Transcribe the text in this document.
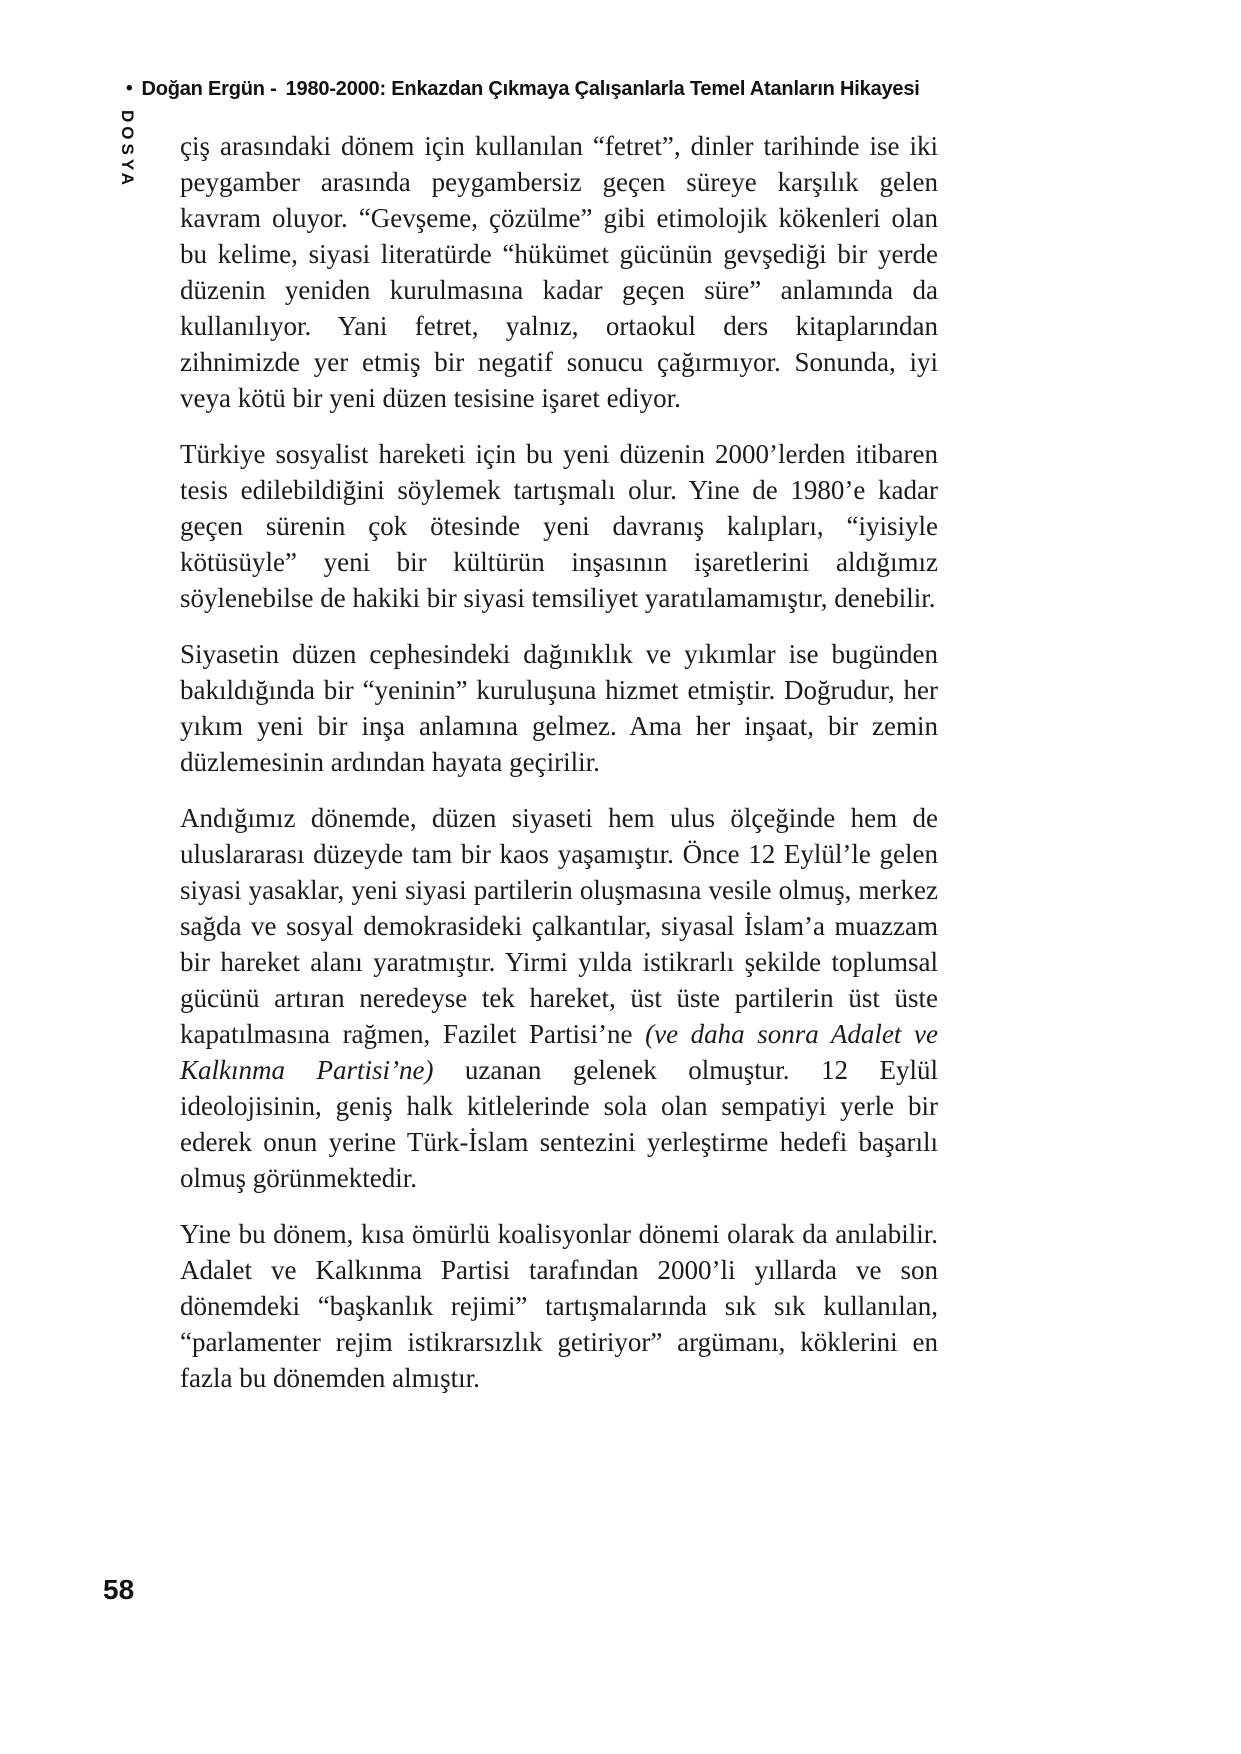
• Doğan Ergün - 1980-2000: Enkazdan Çıkmaya Çalışanlarla Temel Atanların Hikayesi
DOSYA çiş arasındaki dönem için kullanılan “fetret”, dinler tarihinde ise iki peygamber arasında peygambersiz geçen süreye karşılık gelen kavram oluyor. “Gevşeme, çözülme” gibi etimolojik kökenleri olan bu kelime, siyasi literatürde “hükümet gücünün gevşediği bir yerde düzenin yeniden kurulmasına kadar geçen süre” anlamında da kullanılıyor. Yani fetret, yalnız, ortaokul ders kitaplarından zihnimizde yer etmiş bir negatif sonucu çağırmıyor. Sonunda, iyi veya kötü bir yeni düzen tesisine işaret ediyor.

Türkiye sosyalist hareketi için bu yeni düzenin 2000’lerden itibaren tesis edilebildiğini söylemek tartışmalı olur. Yine de 1980’e kadar geçen sürenin çok ötesinde yeni davranış kalıpları, “iyisiyle kötüsüyle” yeni bir kültürün inşasının işaretlerini aldığımız söylenebilse de hakiki bir siyasi temsiliyet yaratılamamıştır, denebilir.

Siyasetin düzen cephesindeki dağınıklık ve yıkımlar ise bugünden bakıldığında bir “yeninin” kuruluşuna hizmet etmiştir. Doğrudur, her yıkım yeni bir inşa anlamına gelmez. Ama her inşaat, bir zemin düzlemesinin ardından hayata geçirilir.

Andığımız dönemde, düzen siyaseti hem ulus ölçeğinde hem de uluslararası düzeyde tam bir kaos yaşamıştır. Önce 12 Eylül’le gelen siyasi yasaklar, yeni siyasi partilerin oluşmasına vesile olmuş, merkez sağda ve sosyal demokrasideki çalkantılar, siyasal İslam’a muazzam bir hareket alanı yaratmıştır. Yirmi yılda istikrarlı şekilde toplumsal gücünü artıran neredeyse tek hareket, üst üste partilerin üst üste kapatılmasına rağmen, Fazilet Partisi’ne (ve daha sonra Adalet ve Kalkınma Partisi’ne) uzanan gelenek olmuştur. 12 Eylül ideolojisinin, geniş halk kitlelerinde sola olan sempatiyi yerle bir ederek onun yerine Türk-İslam sentezini yerleştirme hedefi başarılı olmuş görünmektedir.

Yine bu dönem, kısa ömürlü koalisyonlar dönemi olarak da anılabilir. Adalet ve Kalkınma Partisi tarafından 2000’li yıllarda ve son dönemdeki “başkanlık rejimi” tartışmalarında sık sık kullanılan, “parlamenter rejim istikrarsızlık getiriyor” argümanı, köklerini en fazla bu dönemden almıştır.

58
